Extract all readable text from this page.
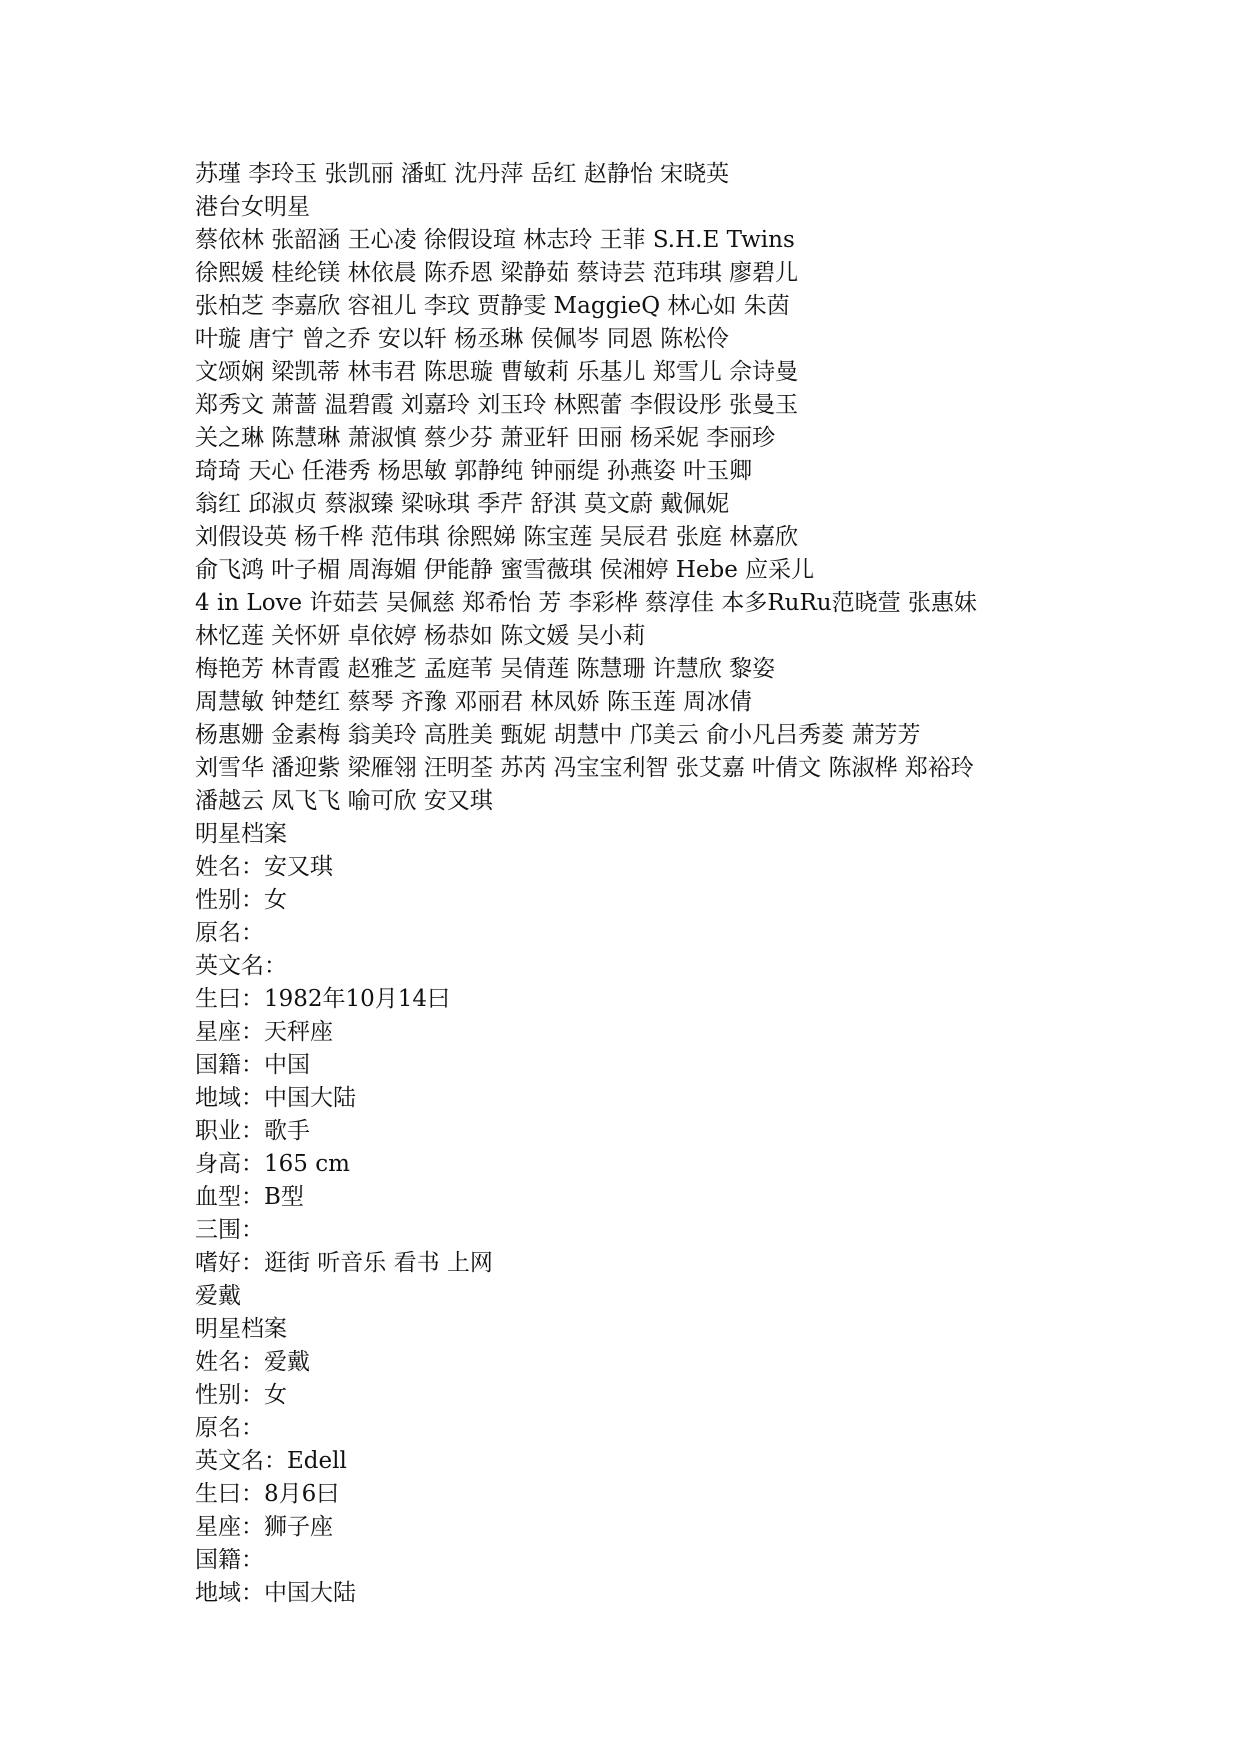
苏瑾 李玲玉 张凯丽 潘虹 沈丹萍 岳红 赵静怡 宋晓英

港台女明星

蔡依林 张韶涵 王心凌 徐假设瑄 林志玲 王菲 S.H.E Twins

徐熙媛 桂纶镁 林依晨 陈乔恩 梁静茹 蔡诗芸 范玮琪 廖碧儿

张柏芝 李嘉欣 容祖儿 李玟 贾静雯 MaggieQ 林心如 朱茵

叶璇 唐宁 曾之乔 安以轩 杨丞琳 侯佩岑 同恩 陈松伶

文颂娴 梁凯蒂 林韦君 陈思璇 曹敏莉 乐基儿 郑雪儿 佘诗曼

郑秀文 萧蔷 温碧霞 刘嘉玲 刘玉玲 林熙蕾 李假设彤 张曼玉

关之琳 陈慧琳 萧淑慎 蔡少芬 萧亚轩 田丽 杨采妮 李丽珍

琦琦 天心 任港秀 杨思敏 郭静纯 钟丽缇 孙燕姿 叶玉卿

翁红 邱淑贞 蔡淑臻 梁咏琪 季芹 舒淇 莫文蔚 戴佩妮

刘假设英 杨千桦 范伟琪 徐熙娣 陈宝莲 吴辰君 张庭 林嘉欣

俞飞鸿 叶子楣 周海媚 伊能静 蜜雪薇琪 侯湘婷 Hebe 应采儿

4 in Love 许茹芸 吴佩慈 郑希怡 芳 李彩桦 蔡淳佳 本多RuRu范晓萱 张惠妹

林忆莲 关怀妍 卓依婷 杨恭如 陈文媛 吴小莉

梅艳芳 林青霞 赵雅芝 孟庭苇 吴倩莲 陈慧珊 许慧欣 黎姿

周慧敏 钟楚红 蔡琴 齐豫 邓丽君 林凤娇 陈玉莲 周冰倩

杨惠姗 金素梅 翁美玲 高胜美 甄妮 胡慧中 邝美云 俞小凡吕秀菱 萧芳芳

刘雪华 潘迎紫 梁雁翎 汪明荃 苏芮 冯宝宝利智 张艾嘉 叶倩文 陈淑桦 郑裕玲

潘越云 凤飞飞 喻可欣 安又琪

明星档案

姓名：安又琪

性别：女

原名：

英文名：

生曰：1982年10月14曰

星座：天秤座

国籍：中国

地域：中国大陆

职业：歌手

身高：165 cm

血型：B型

三围：

嗜好：逛街 听音乐 看书 上网

爱戴

明星档案

姓名：爱戴

性别：女

原名：

英文名：Edell

生曰：8月6曰

星座：狮子座

国籍：

地域：中国大陆
